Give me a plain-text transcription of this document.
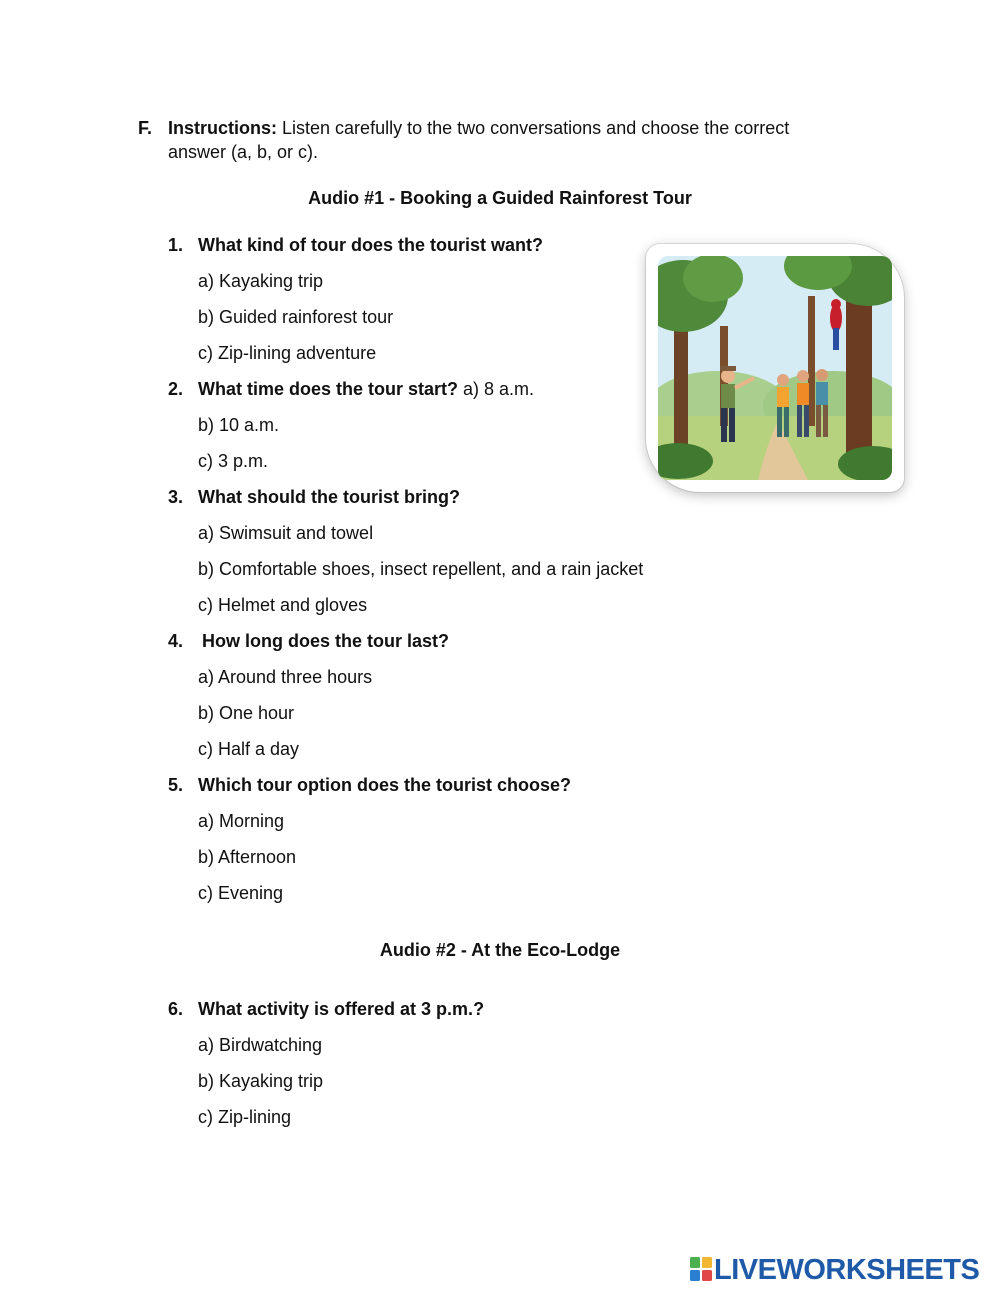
F. Instructions: Listen carefully to the two conversations and choose the correct answer (a, b, or c).
Audio #1 - Booking a Guided Rainforest Tour
1. What kind of tour does the tourist want?
a) Kayaking trip
b) Guided rainforest tour
c) Zip-lining adventure
2. What time does the tour start? a) 8 a.m.
b) 10 a.m.
c) 3 p.m.
3. What should the tourist bring?
a) Swimsuit and towel
b) Comfortable shoes, insect repellent, and a rain jacket
c) Helmet and gloves
4. How long does the tour last?
a) Around three hours
b) One hour
c) Half a day
5. Which tour option does the tourist choose?
a) Morning
b) Afternoon
c) Evening
Audio #2 - At the Eco-Lodge
6. What activity is offered at 3 p.m.?
a) Birdwatching
b) Kayaking trip
c) Zip-lining
LIVEWORKSHEETS
